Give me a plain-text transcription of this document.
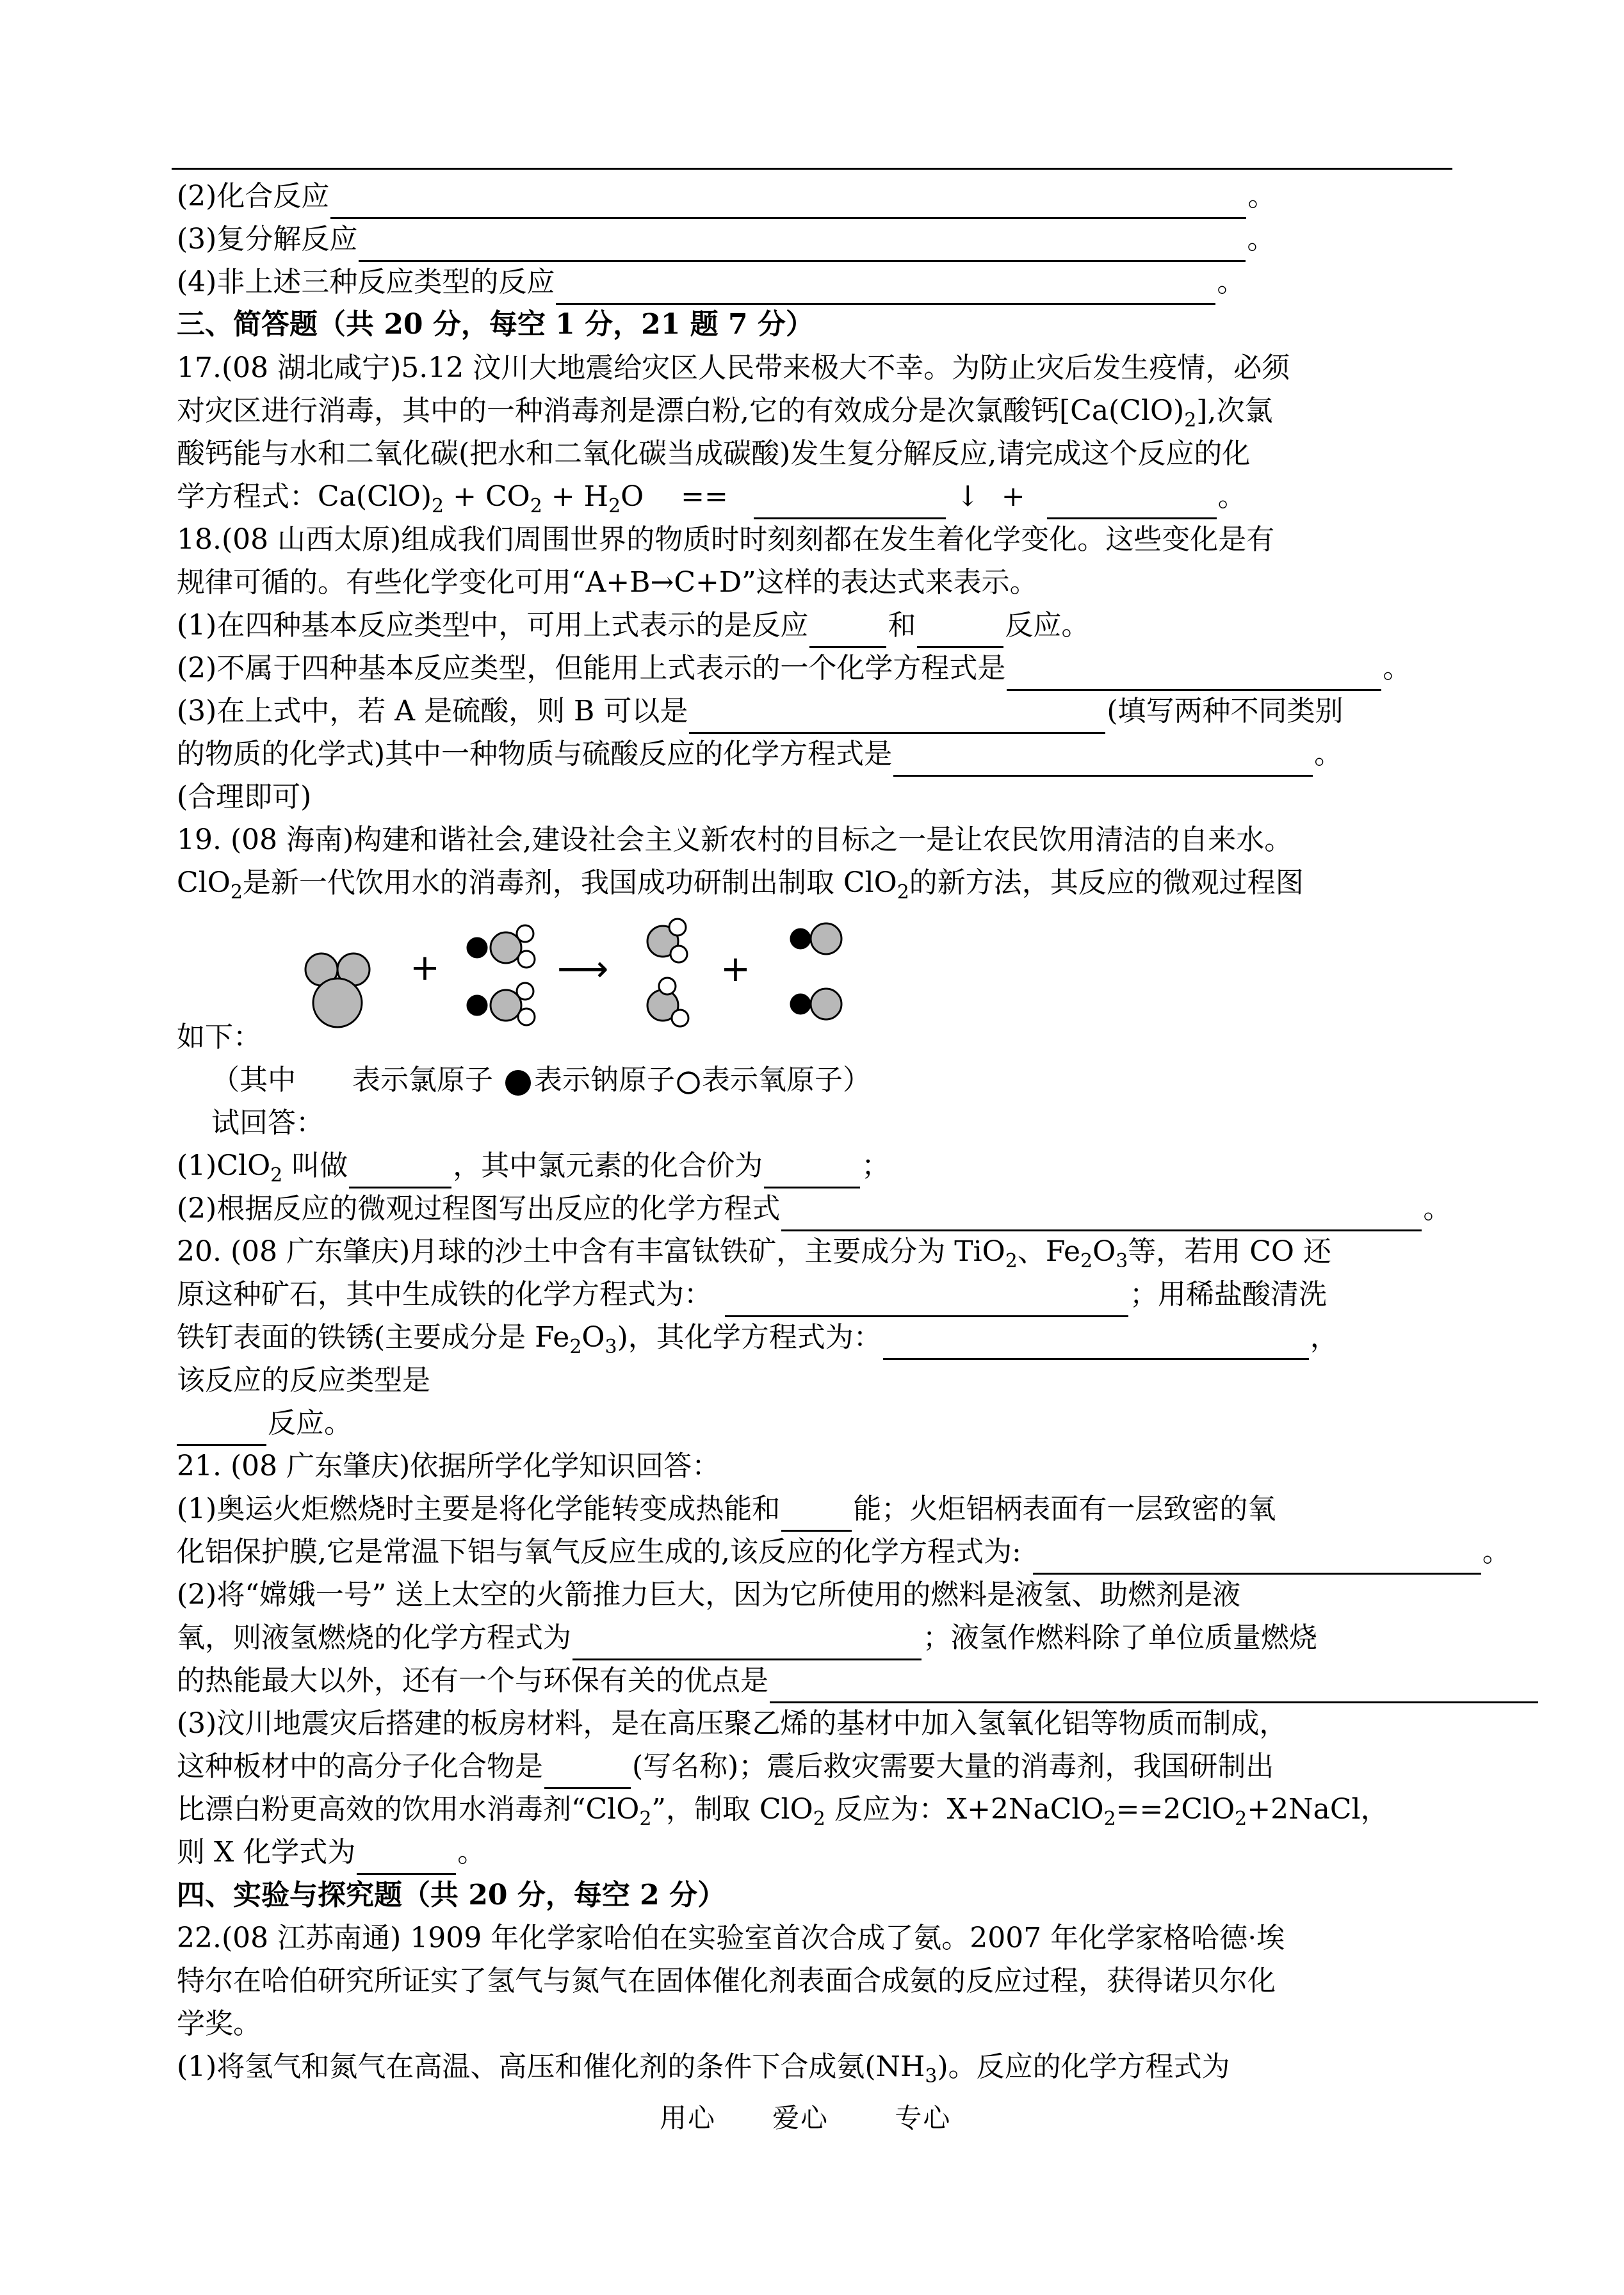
(2)化合反应	。
(3)复分解反应	。
(4)非上述三种反应类型的反应	。
三、简答题（共 20 分，每空 1 分，21 题 7 分）
17.(08 湖北咸宁)5.12 汶川大地震给灾区人民带来极大不幸。为防止灾后发生疫情，必须
对灾区进行消毒，其中的一种消毒剂是漂白粉,它的有效成分是次氯酸钙$[Ca(ClO)_2]$,次氯
酸钙能与水和二氧化碳(把水和二氧化碳当成碳酸)发生复分解反应,请完成这个反应的化
学方程式：$Ca(ClO)_2 + CO_2 + H_2O$　 ==	↓ +	。
18.(08 山西太原)组成我们周围世界的物质时时刻刻都在发生着化学变化。这些变化是有
规律可循的。有些化学变化可用“A+B→C+D”这样的表达式来表示。
(1)在四种基本反应类型中，可用上式表示的是反应	和	反应。
(2)不属于四种基本反应类型，但能用上式表示的一个化学方程式是	。
(3)在上式中，若 A 是硫酸，则 B 可以是	(填写两种不同类别
的物质的化学式)其中一种物质与硫酸反应的化学方程式是	。
(合理即可)
19. (08 海南)构建和谐社会,建设社会主义新农村的目标之一是让农民饮用清洁的自来水。
ClO$_2$是新一代饮用水的消毒剂，我国成功研制出制取 ClO$_2$的新方法，其反应的微观过程图
+	⟶	+
如下：
（其中 表示氯原子 表示钠原子 表示氧原子）
试回答：
(1)ClO$_2$ 叫做	，其中氯元素的化合价为	；
(2)根据反应的微观过程图写出反应的化学方程式	。
20. (08 广东肇庆)月球的沙土中含有丰富钛铁矿，主要成分为 TiO$_2$、$Fe_2O_3$等，若用 CO 还
原这种矿石，其中生成铁的化学方程式为：	；用稀盐酸清洗
铁钉表面的铁锈(主要成分是 $Fe_2O_3$)，其化学方程式为：	，
该反应的反应类型是
反应。
21. (08 广东肇庆)依据所学化学知识回答：
(1)奥运火炬燃烧时主要是将化学能转变成热能和	能；火炬铝柄表面有一层致密的氧
化铝保护膜,它是常温下铝与氧气反应生成的,该反应的化学方程式为:	。
(2)将“嫦娥一号” 送上太空的火箭推力巨大，因为它所使用的燃料是液氢、助燃剂是液
氧，则液氢燃烧的化学方程式为	；液氢作燃料除了单位质量燃烧
的热能最大以外，还有一个与环保有关的优点是
(3)汶川地震灾后搭建的板房材料，是在高压聚乙烯的基材中加入氢氧化铝等物质而制成，
这种板材中的高分子化合物是	(写名称)；震后救灾需要大量的消毒剂，我国研制出
比漂白粉更高效的饮用水消毒剂“ClO$_2$”，制取 ClO$_2$ 反应为：X+2NaClO$_2$==2ClO$_2$+2NaCl，
则 X 化学式为	。
四、实验与探究题（共 20 分，每空 2 分）
22.(08 江苏南通) 1909 年化学家哈伯在实验室首次合成了氨。2007 年化学家格哈德·埃
特尔在哈伯研究所证实了氢气与氮气在固体催化剂表面合成氨的反应过程，获得诺贝尔化
学奖。
(1)将氢气和氮气在高温、高压和催化剂的条件下合成氨$(NH_3)$。反应的化学方程式为
用心　　爱心　　 专心
